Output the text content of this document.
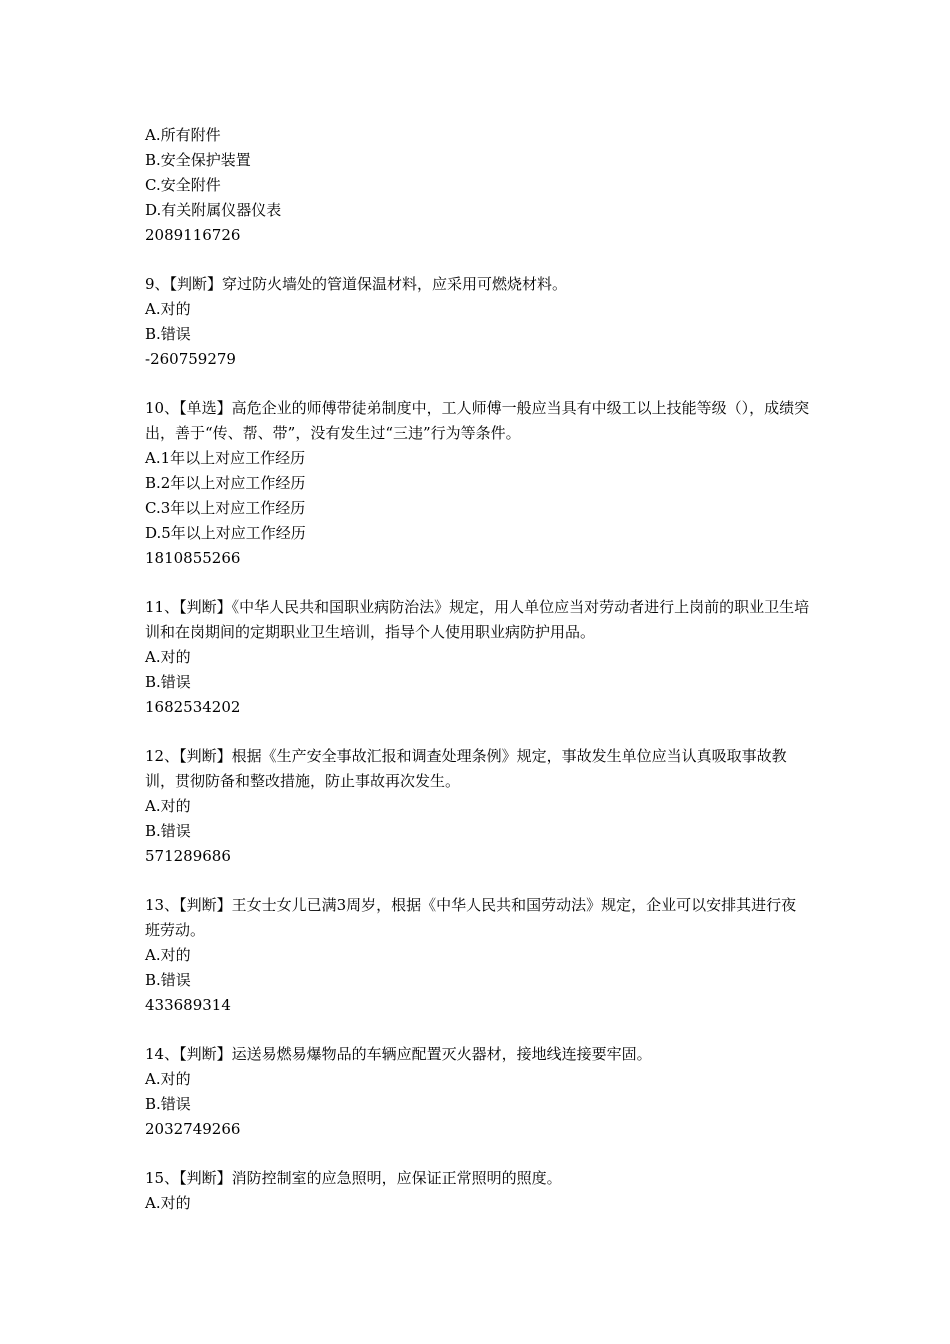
A.所有附件
B.安全保护装置
C.安全附件
D.有关附属仪器仪表
2089116726
9、【判断】穿过防火墙处的管道保温材料，应采用可燃烧材料。
A.对的
B.错误
-260759279
10、【单选】高危企业的师傅带徒弟制度中，工人师傅一般应当具有中级工以上技能等级（），成绩突出，善于“传、帮、带”，没有发生过“三违”行为等条件。
A.1年以上对应工作经历
B.2年以上对应工作经历
C.3年以上对应工作经历
D.5年以上对应工作经历
1810855266
11、【判断】《中华人民共和国职业病防治法》规定，用人单位应当对劳动者进行上岗前的职业卫生培训和在岗期间的定期职业卫生培训，指导个人使用职业病防护用品。
A.对的
B.错误
1682534202
12、【判断】根据《生产安全事故汇报和调查处理条例》规定，事故发生单位应当认真吸取事故教训，贯彻防备和整改措施，防止事故再次发生。
A.对的
B.错误
571289686
13、【判断】王女士女儿已满3周岁，根据《中华人民共和国劳动法》规定，企业可以安排其进行夜班劳动。
A.对的
B.错误
433689314
14、【判断】运送易燃易爆物品的车辆应配置灭火器材，接地线连接要牢固。
A.对的
B.错误
2032749266
15、【判断】消防控制室的应急照明，应保证正常照明的照度。
A.对的
